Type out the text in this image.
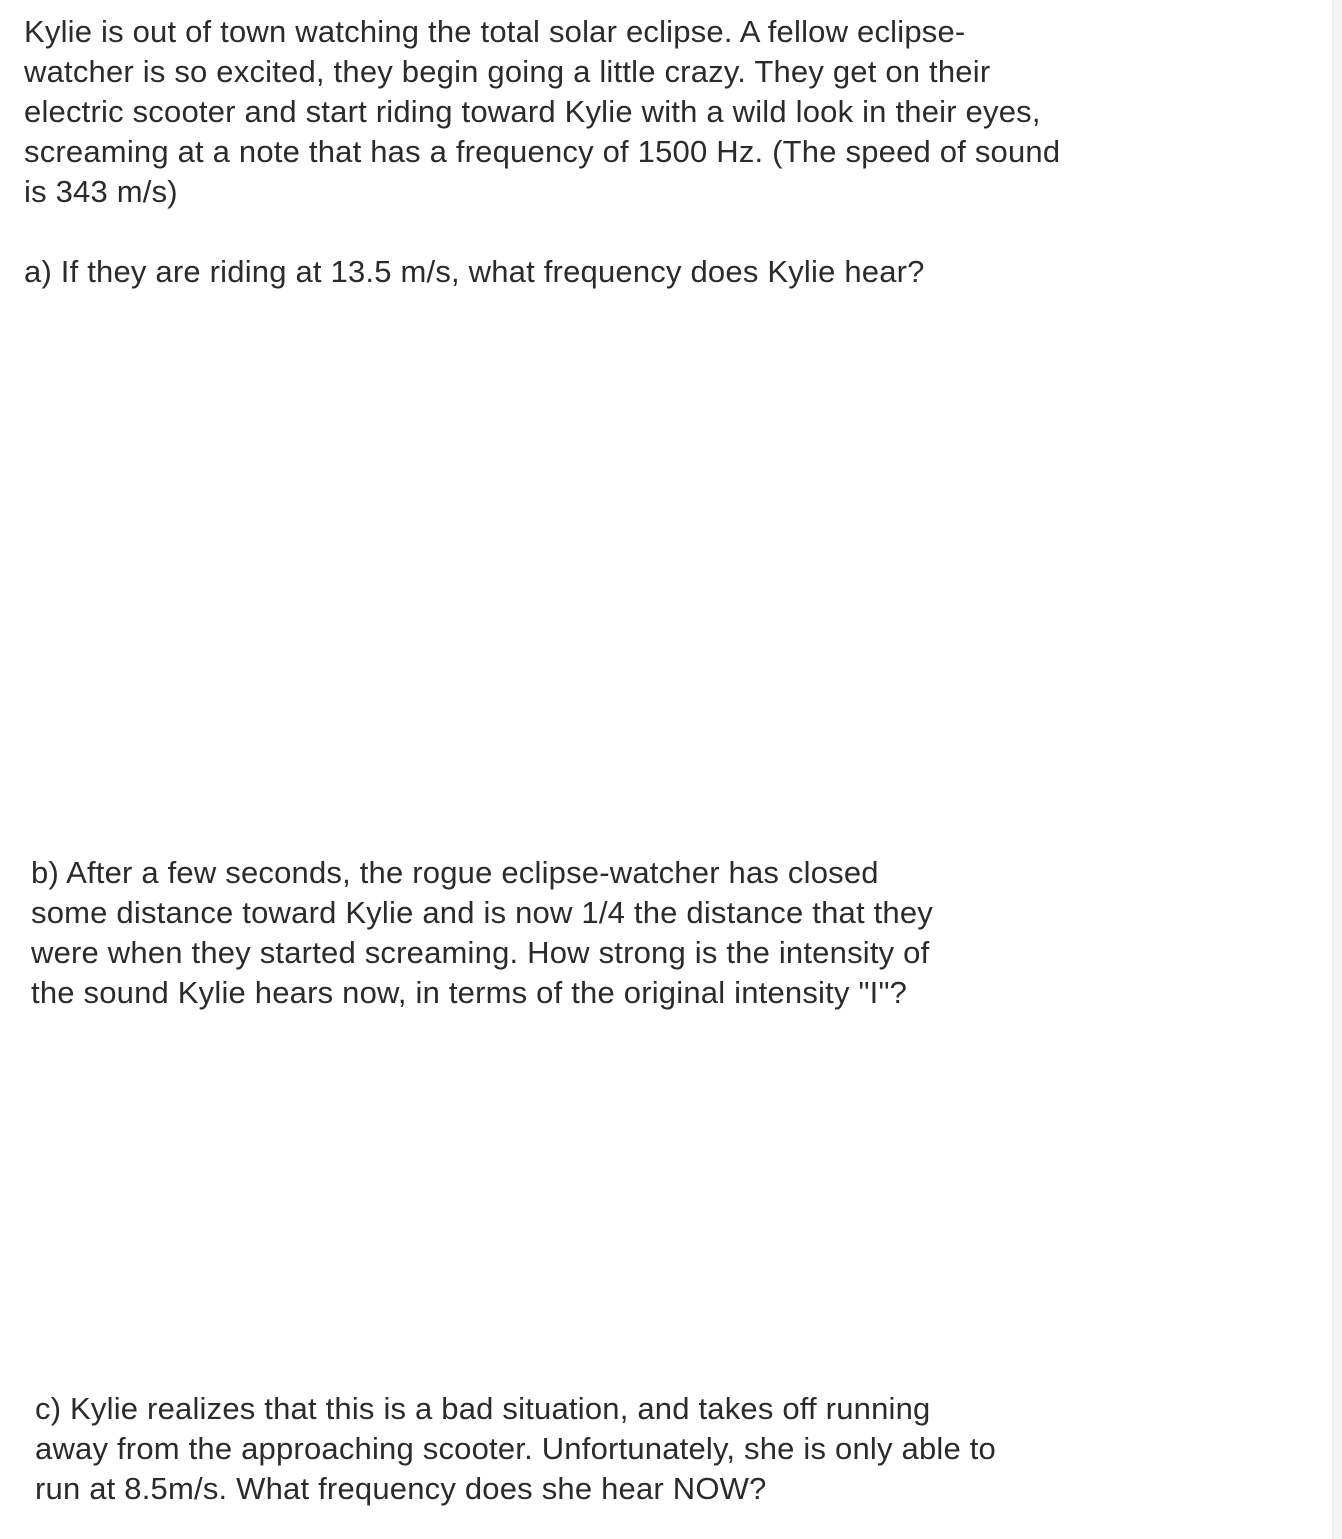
Kylie is out of town watching the total solar eclipse. A fellow eclipse-
watcher is so excited, they begin going a little crazy. They get on their
electric scooter and start riding toward Kylie with a wild look in their eyes,
screaming at a note that has a frequency of 1500 Hz. (The speed of sound
is 343 m/s)
a) If they are riding at 13.5 m/s, what frequency does Kylie hear?
b) After a few seconds, the rogue eclipse-watcher has closed
some distance toward Kylie and is now 1/4 the distance that they
were when they started screaming. How strong is the intensity of
the sound Kylie hears now, in terms of the original intensity "I"?
c) Kylie realizes that this is a bad situation, and takes off running
away from the approaching scooter. Unfortunately, she is only able to
run at 8.5m/s. What frequency does she hear NOW?
